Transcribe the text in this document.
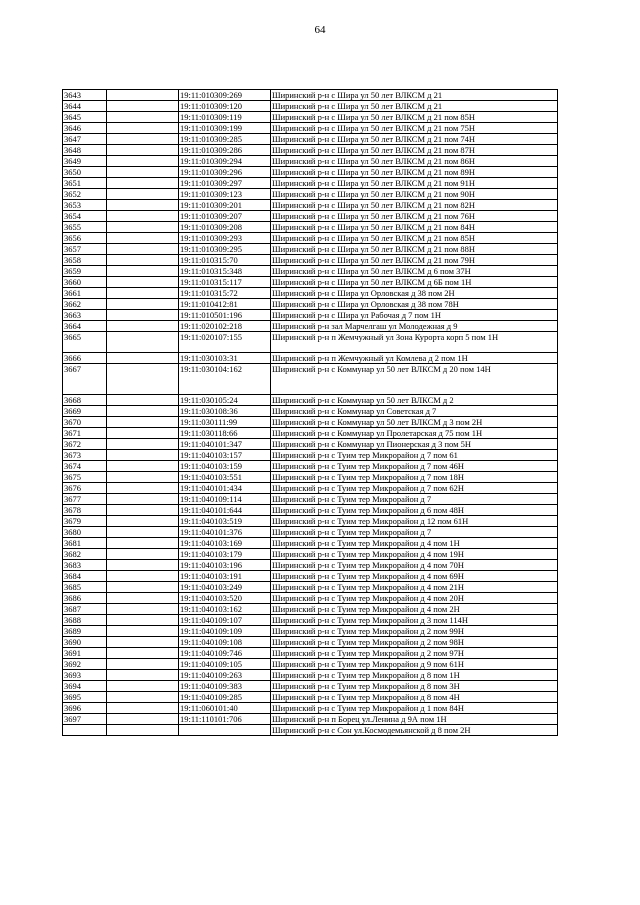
64
3643		19:11:010309:269	Ширинский р-н с Шира ул 50 лет ВЛКСМ д 21
3644		19:11:010309:120	Ширинский р-н с Шира ул 50 лет ВЛКСМ д 21
3645		19:11:010309:119	Ширинский р-н с Шира ул 50 лет ВЛКСМ д 21 пом 85Н
3646		19:11:010309:199	Ширинский р-н с Шира ул 50 лет ВЛКСМ д 21 пом 75Н
3647		19:11:010309:285	Ширинский р-н с Шира ул 50 лет ВЛКСМ д 21 пом 74Н
3648		19:11:010309:286	Ширинский р-н с Шира ул 50 лет ВЛКСМ д 21 пом 87Н
3649		19:11:010309:294	Ширинский р-н с Шира ул 50 лет ВЛКСМ д 21 пом 86Н
3650		19:11:010309:296	Ширинский р-н с Шира ул 50 лет ВЛКСМ д 21 пом 89Н
3651		19:11:010309:297	Ширинский р-н с Шира ул 50 лет ВЛКСМ д 21 пом 91Н
3652		19:11:010309:123	Ширинский р-н с Шира ул 50 лет ВЛКСМ д 21 пом 90Н
3653		19:11:010309:201	Ширинский р-н с Шира ул 50 лет ВЛКСМ д 21 пом 82Н
3654		19:11:010309:207	Ширинский р-н с Шира ул 50 лет ВЛКСМ д 21 пом 76Н
3655		19:11:010309:208	Ширинский р-н с Шира ул 50 лет ВЛКСМ д 21 пом 84Н
3656		19:11:010309:293	Ширинский р-н с Шира ул 50 лет ВЛКСМ д 21 пом 85Н
3657		19:11:010309:295	Ширинский р-н с Шира ул 50 лет ВЛКСМ д 21 пом 88Н
3658		19:11:010315:70	Ширинский р-н с Шира ул 50 лет ВЛКСМ д 21 пом 79Н
3659		19:11:010315:348	Ширинский р-н с Шира ул 50 лет ВЛКСМ д 6 пом 37Н
3660		19:11:010315:117	Ширинский р-н с Шира ул 50 лет ВЛКСМ д 6Б пом 1Н
3661		19:11:010315:72	Ширинский р-н с Шира ул Орловская д 38 пом 2Н
3662		19:11:010412:81	Ширинский р-н с Шира ул Орловская д 38 пом 78Н
3663		19:11:010501:196	Ширинский р-н с Шира ул Рабочая д 7 пом 1Н
3664		19:11:020102:218	Ширинский р-н зал Марчелгаш ул Молодежная д 9
3665		19:11:020107:155	Ширинский р-н п Жемчужный ул Зона Курорта корп 5 пом 1Н
3666		19:11:030103:31	Ширинский р-н п Жемчужный ул Комлева д 2 пом 1Н
3667		19:11:030104:162	Ширинский р-н с Коммунар ул 50 лет ВЛКСМ д 20 пом 14Н
3668		19:11:030105:24	Ширинский р-н с Коммунар ул 50 лет ВЛКСМ д 2
3669		19:11:030108:36	Ширинский р-н с Коммунар ул Советская д 7
3670		19:11:030111:99	Ширинский р-н с Коммунар ул 50 лет ВЛКСМ д 3 пом 2Н
3671		19:11:030118:66	Ширинский р-н с Коммунар ул Пролетарская д 75 пом 1Н
3672		19:11:040101:347	Ширинский р-н с Коммунар ул Пионерская д 3 пом 5Н
3673		19:11:040103:157	Ширинский р-н с Туим тер Микрорайон д 7 пом 61
3674		19:11:040103:159	Ширинский р-н с Туим тер Микрорайон д 7 пом 46Н
3675		19:11:040103:551	Ширинский р-н с Туим тер Микрорайон д 7 пом 18Н
3676		19:11:040101:434	Ширинский р-н с Туим тер Микрорайон д 7 пом 62Н
3677		19:11:040109:114	Ширинский р-н с Туим тер Микрорайон д 7
3678		19:11:040101:644	Ширинский р-н с Туим тер Микрорайон д 6 пом 48Н
3679		19:11:040103:519	Ширинский р-н с Туим тер Микрорайон д 12 пом 61Н
3680		19:11:040101:376	Ширинский р-н с Туим тер Микрорайон д 7
3681		19:11:040103:169	Ширинский р-н с Туим тер Микрорайон д 4 пом 1Н
3682		19:11:040103:179	Ширинский р-н с Туим тер Микрорайон д 4 пом 19Н
3683		19:11:040103:196	Ширинский р-н с Туим тер Микрорайон д 4 пом 70Н
3684		19:11:040103:191	Ширинский р-н с Туим тер Микрорайон д 4 пом 69Н
3685		19:11:040103:249	Ширинский р-н с Туим тер Микрорайон д 4 пом 21Н
3686		19:11:040103:520	Ширинский р-н с Туим тер Микрорайон д 4 пом 20Н
3687		19:11:040103:162	Ширинский р-н с Туим тер Микрорайон д 4 пом 2Н
3688		19:11:040109:107	Ширинский р-н с Туим тер Микрорайон д 3 пом 114Н
3689		19:11:040109:109	Ширинский р-н с Туим тер Микрорайон д 2 пом 99Н
3690		19:11:040109:108	Ширинский р-н с Туим тер Микрорайон д 2 пом 98Н
3691		19:11:040109:746	Ширинский р-н с Туим тер Микрорайон д 2 пом 97Н
3692		19:11:040109:105	Ширинский р-н с Туим тер Микрорайон д 9 пом 61Н
3693		19:11:040109:263	Ширинский р-н с Туим тер Микрорайон д 8 пом 1Н
3694		19:11:040109:383	Ширинский р-н с Туим тер Микрорайон д 8 пом 3Н
3695		19:11:040109:285	Ширинский р-н с Туим тер Микрорайон д 8 пом 4Н
3696		19:11:060101:40	Ширинский р-н с Туим тер Микрорайон д 1 пом 84Н
3697		19:11:110101:706	Ширинский р-н п Борец ул.Ленина д 9А пом 1Н
			Ширинский р-н с Сон ул.Космодемьянской д 8 пом 2Н
